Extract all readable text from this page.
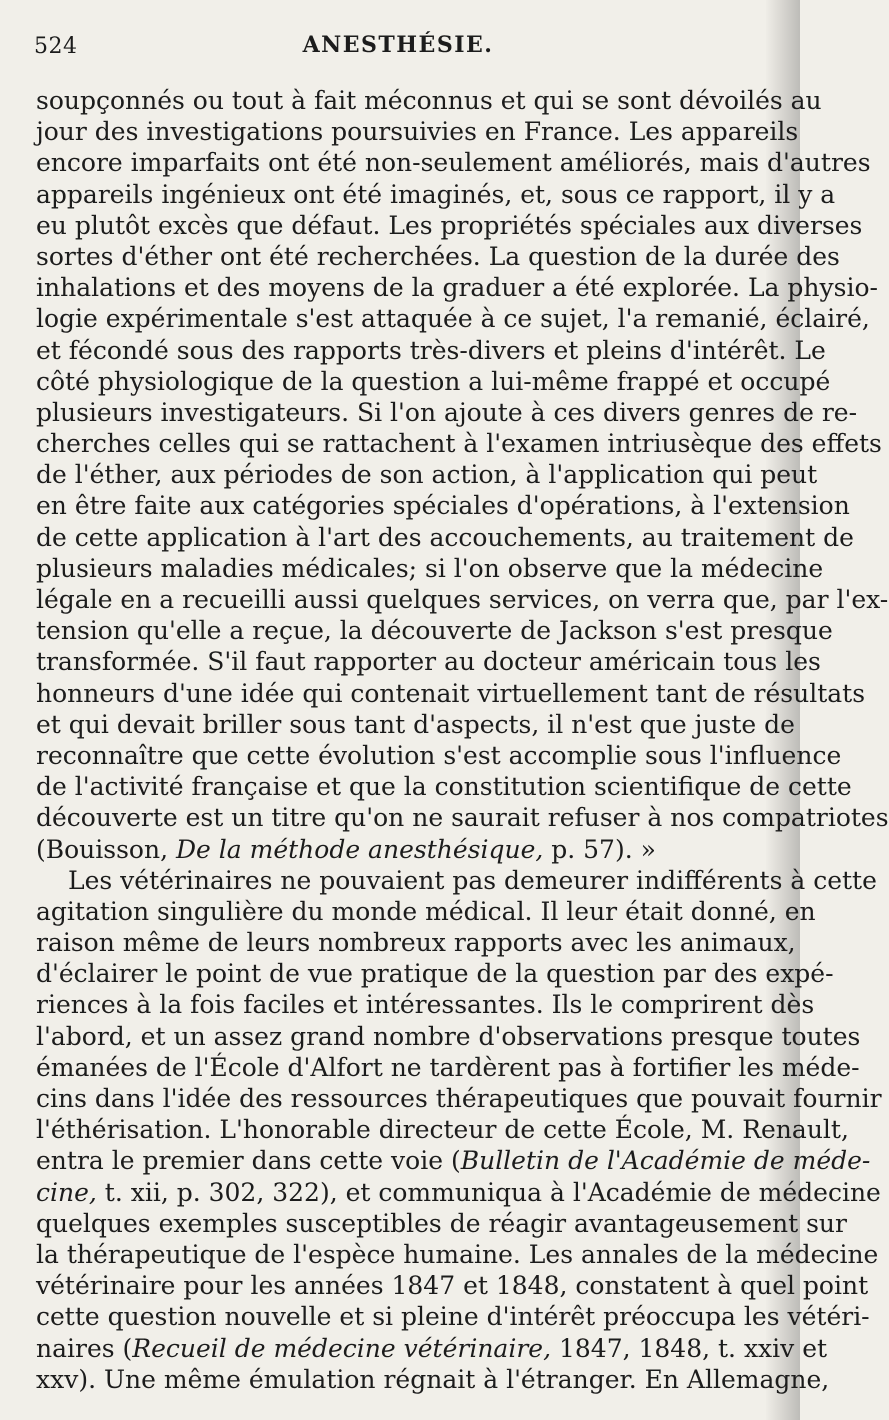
524	ANESTHÉSIE.
soupçonnés ou tout à fait méconnus et qui se sont dévoilés au
jour des investigations poursuivies en France. Les appareils
encore imparfaits ont été non-seulement améliorés, mais d'autres
appareils ingénieux ont été imaginés, et, sous ce rapport, il y a
eu plutôt excès que défaut. Les propriétés spéciales aux diverses
sortes d'éther ont été recherchées. La question de la durée des
inhalations et des moyens de la graduer a été explorée. La physio-
logie expérimentale s'est attaquée à ce sujet, l'a remanié, éclairé,
et fécondé sous des rapports très-divers et pleins d'intérêt. Le
côté physiologique de la question a lui-même frappé et occupé
plusieurs investigateurs. Si l'on ajoute à ces divers genres de re-
cherches celles qui se rattachent à l'examen intriusèque des effets
de l'éther, aux périodes de son action, à l'application qui peut
en être faite aux catégories spéciales d'opérations, à l'extension
de cette application à l'art des accouchements, au traitement de
plusieurs maladies médicales; si l'on observe que la médecine
légale en a recueilli aussi quelques services, on verra que, par l'ex-
tension qu'elle a reçue, la découverte de Jackson s'est presque
transformée. S'il faut rapporter au docteur américain tous les
honneurs d'une idée qui contenait virtuellement tant de résultats
et qui devait briller sous tant d'aspects, il n'est que juste de
reconnaître que cette évolution s'est accomplie sous l'influence
de l'activité française et que la constitution scientifique de cette
découverte est un titre qu'on ne saurait refuser à nos compatriotes
(Bouisson, De la méthode anesthésique, p. 57). »
Les vétérinaires ne pouvaient pas demeurer indifférents à cette
agitation singulière du monde médical. Il leur était donné, en
raison même de leurs nombreux rapports avec les animaux,
d'éclairer le point de vue pratique de la question par des expé-
riences à la fois faciles et intéressantes. Ils le comprirent dès
l'abord, et un assez grand nombre d'observations presque toutes
émanées de l'École d'Alfort ne tardèrent pas à fortifier les méde-
cins dans l'idée des ressources thérapeutiques que pouvait fournir
l'éthérisation. L'honorable directeur de cette École, M. Renault,
entra le premier dans cette voie (Bulletin de l'Académie de méde-
cine, t. xii, p. 302, 322), et communiqua à l'Académie de médecine
quelques exemples susceptibles de réagir avantageusement sur
la thérapeutique de l'espèce humaine. Les annales de la médecine
vétérinaire pour les années 1847 et 1848, constatent à quel point
cette question nouvelle et si pleine d'intérêt préoccupa les vétéri-
naires (Recueil de médecine vétérinaire, 1847, 1848, t. xxiv et
xxv). Une même émulation régnait à l'étranger. En Allemagne,
